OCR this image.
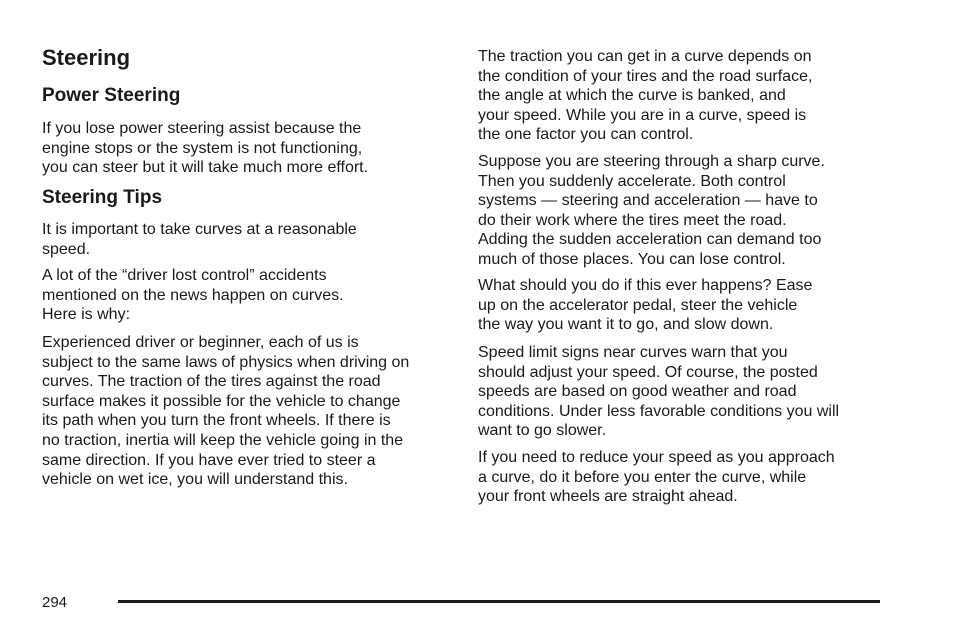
Steering
Power Steering

If you lose power steering assist because the
engine stops or the system is not functioning,
you can steer but it will take much more effort.

Steering Tips

It is important to take curves at a reasonable
speed.

A lot of the “driver lost control” accidents
mentioned on the news happen on curves.
Here is why:

Experienced driver or beginner, each of us is
subject to the same laws of physics when driving on
curves. The traction of the tires against the road
surface makes it possible for the vehicle to change
its path when you turn the front wheels. If there is
no traction, inertia will keep the vehicle going in the
same direction. If you have ever tried to steer a
vehicle on wet ice, you will understand this.

The traction you can get in a curve depends on
the condition of your tires and the road surface,
the angle at which the curve is banked, and
your speed. While you are in a curve, speed is
the one factor you can control.

Suppose you are steering through a sharp curve.
Then you suddenly accelerate. Both control
systems — steering and acceleration — have to
do their work where the tires meet the road.
Adding the sudden acceleration can demand too
much of those places. You can lose control.

What should you do if this ever happens? Ease
up on the accelerator pedal, steer the vehicle
the way you want it to go, and slow down.

Speed limit signs near curves warn that you
should adjust your speed. Of course, the posted
speeds are based on good weather and road
conditions. Under less favorable conditions you will
want to go slower.

If you need to reduce your speed as you approach
a curve, do it before you enter the curve, while
your front wheels are straight ahead.

294
